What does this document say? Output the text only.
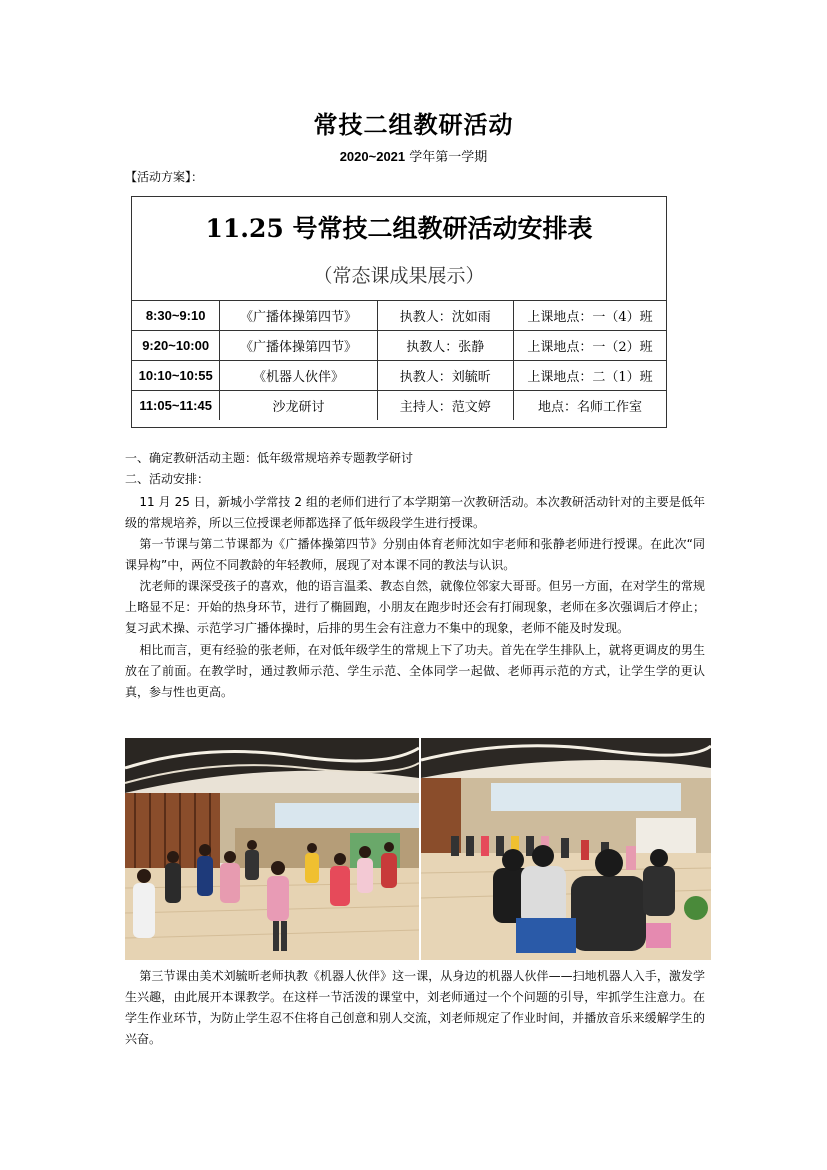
常技二组教研活动
2020~2021 学年第一学期
【活动方案】：
11.25 号常技二组教研活动安排表
（常态课成果展示）
8:30~9:10	《广播体操第四节》	执教人：沈如雨	上课地点：一（4）班
9:20~10:00	《广播体操第四节》	执教人：张静	上课地点：一（2）班
10:10~10:55	《机器人伙伴》	执教人：刘毓昕	上课地点：二（1）班
11:05~11:45	沙龙研讨	主持人：范文婷	地点：名师工作室
一、确定教研活动主题：低年级常规培养专题教学研讨
二、活动安排：
11 月 25 日，新城小学常技 2 组的老师们进行了本学期第一次教研活动。本次教研活动针对的主要是低年级的常规培养，所以三位授课老师都选择了低年级段学生进行授课。
第一节课与第二节课都为《广播体操第四节》分别由体育老师沈如宇老师和张静老师进行授课。在此次“同课异构”中，两位不同教龄的年轻教师，展现了对本课不同的教法与认识。
沈老师的课深受孩子的喜欢，他的语言温柔、教态自然，就像位邻家大哥哥。但另一方面，在对学生的常规上略显不足：开始的热身环节，进行了椭圆跑，小朋友在跑步时还会有打闹现象，老师在多次强调后才停止；复习武术操、示范学习广播体操时，后排的男生会有注意力不集中的现象，老师不能及时发现。
相比而言，更有经验的张老师，在对低年级学生的常规上下了功夫。首先在学生排队上，就将更调皮的男生放在了前面。在教学时，通过教师示范、学生示范、全体同学一起做、老师再示范的方式，让学生学的更认真，参与性也更高。
第三节课由美术刘毓昕老师执教《机器人伙伴》这一课，从身边的机器人伙伴——扫地机器人入手，激发学生兴趣，由此展开本课教学。在这样一节活泼的课堂中，刘老师通过一个个问题的引导，牢抓学生注意力。在学生作业环节，为防止学生忍不住将自己创意和别人交流，刘老师规定了作业时间，并播放音乐来缓解学生的兴奋。
